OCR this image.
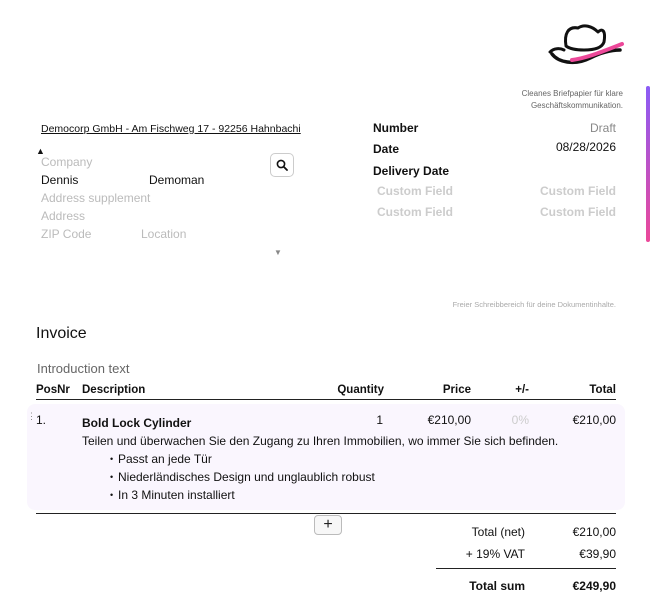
Cleanes Briefpapier für klare
Geschäftskommunikation.
Democorp GmbH - Am Fischweg 17 - 92256 Hahnbachi
▲
Company
Dennis	Demoman
Address supplement
Address
ZIP Code	Location
▼
Number	Draft
Date	08/28/2026
Delivery Date
Custom Field	Custom Field
Custom Field	Custom Field
Freier Schreibbereich für deine Dokumentinhalte.
Invoice
Introduction text
PosNr Description	Quantity	Price	+/-	Total
⋮ 1.	Bold Lock Cylinder	1	€210,00	0%	€210,00
Teilen und überwachen Sie den Zugang zu Ihren Immobilien, wo immer Sie sich befinden.
• Passt an jede Tür
• Niederländisches Design und unglaublich robust
• In 3 Minuten installiert
+	Total (net)	€210,00
+ 19% VAT	€39,90
Total sum	€249,90
